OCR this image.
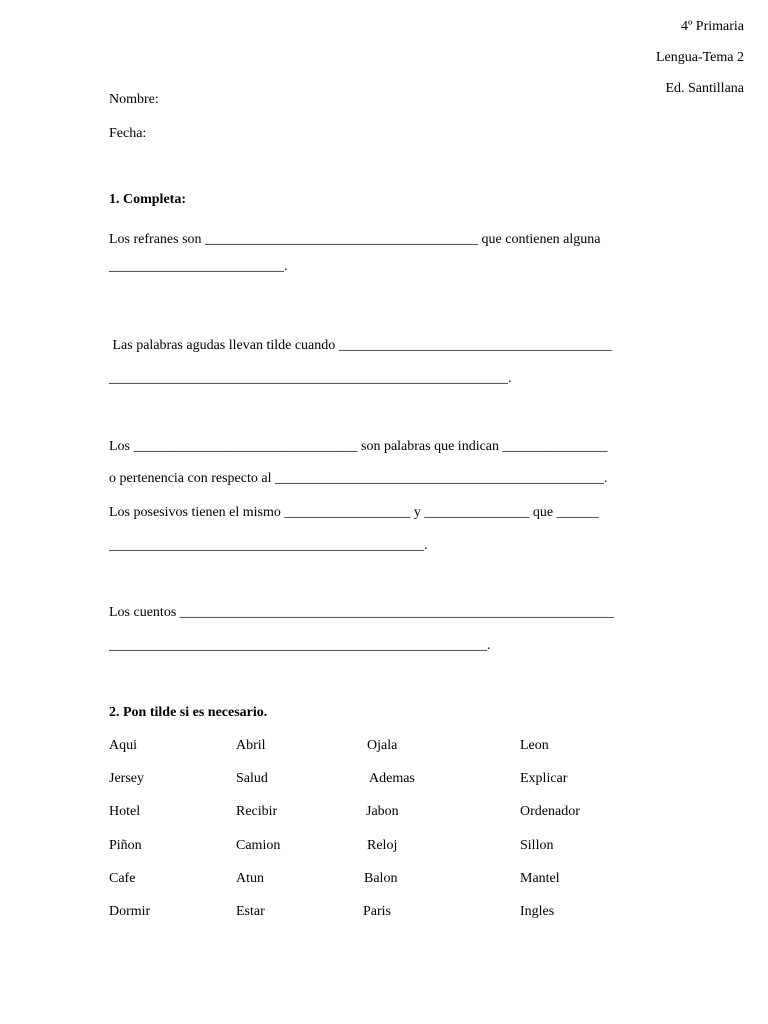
4º Primaria

Lengua-Tema 2

Ed. Santillana

Nombre:

Fecha:

1. Completa:

Los refranes son _______________________________________ que contienen alguna

_________________________.

Las palabras agudas llevan tilde cuando _______________________________________

_________________________________________________________.

Los ________________________________ son palabras que indican _______________

o pertenencia con respecto al _______________________________________________.

Los posesivos tienen el mismo __________________ y _______________ que ______

_____________________________________________.

Los cuentos ______________________________________________________________

______________________________________________________.

2. Pon tilde si es necesario.

Aqui	Abril	Ojala	Leon

Jersey	Salud	Ademas	Explicar

Hotel	Recibir	Jabon	Ordenador

Piñon	Camion	Reloj	Sillon

Cafe	Atun	Balon	Mantel

Dormir	Estar	Paris	Ingles
